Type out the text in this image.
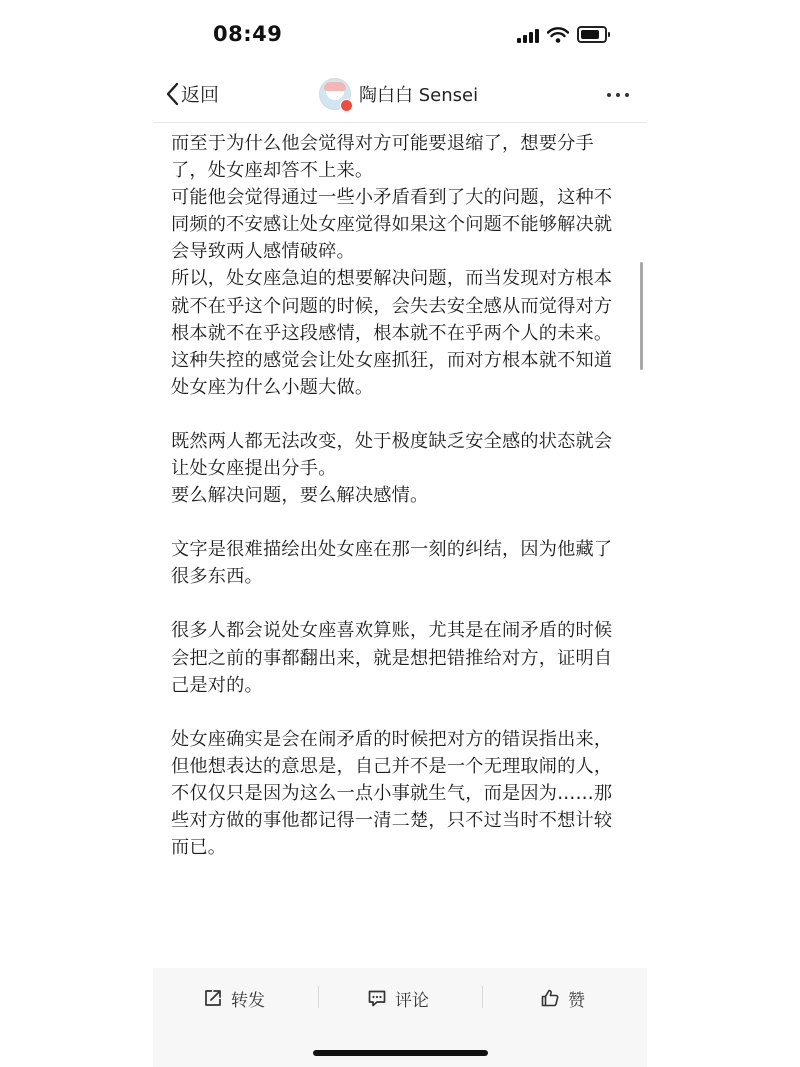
08:49
返回	陶白白 Sensei

而至于为什么他会觉得对方可能要退缩了，想要分手了，处女座却答不上来。

可能他会觉得通过一些小矛盾看到了大的问题，这种不同频的不安感让处女座觉得如果这个问题不能够解决就会导致两人感情破碎。

所以，处女座急迫的想要解决问题，而当发现对方根本就不在乎这个问题的时候，会失去安全感从而觉得对方根本就不在乎这段感情，根本就不在乎两个人的未来。

这种失控的感觉会让处女座抓狂，而对方根本就不知道处女座为什么小题大做。

既然两人都无法改变，处于极度缺乏安全感的状态就会让处女座提出分手。

要么解决问题，要么解决感情。

文字是很难描绘出处女座在那一刻的纠结，因为他藏了很多东西。

很多人都会说处女座喜欢算账，尤其是在闹矛盾的时候会把之前的事都翻出来，就是想把错推给对方，证明自己是对的。

处女座确实是会在闹矛盾的时候把对方的错误指出来，但他想表达的意思是，自己并不是一个无理取闹的人，不仅仅只是因为这么一点小事就生气，而是因为……那些对方做的事他都记得一清二楚，只不过当时不想计较而已。

转发	评论	赞
